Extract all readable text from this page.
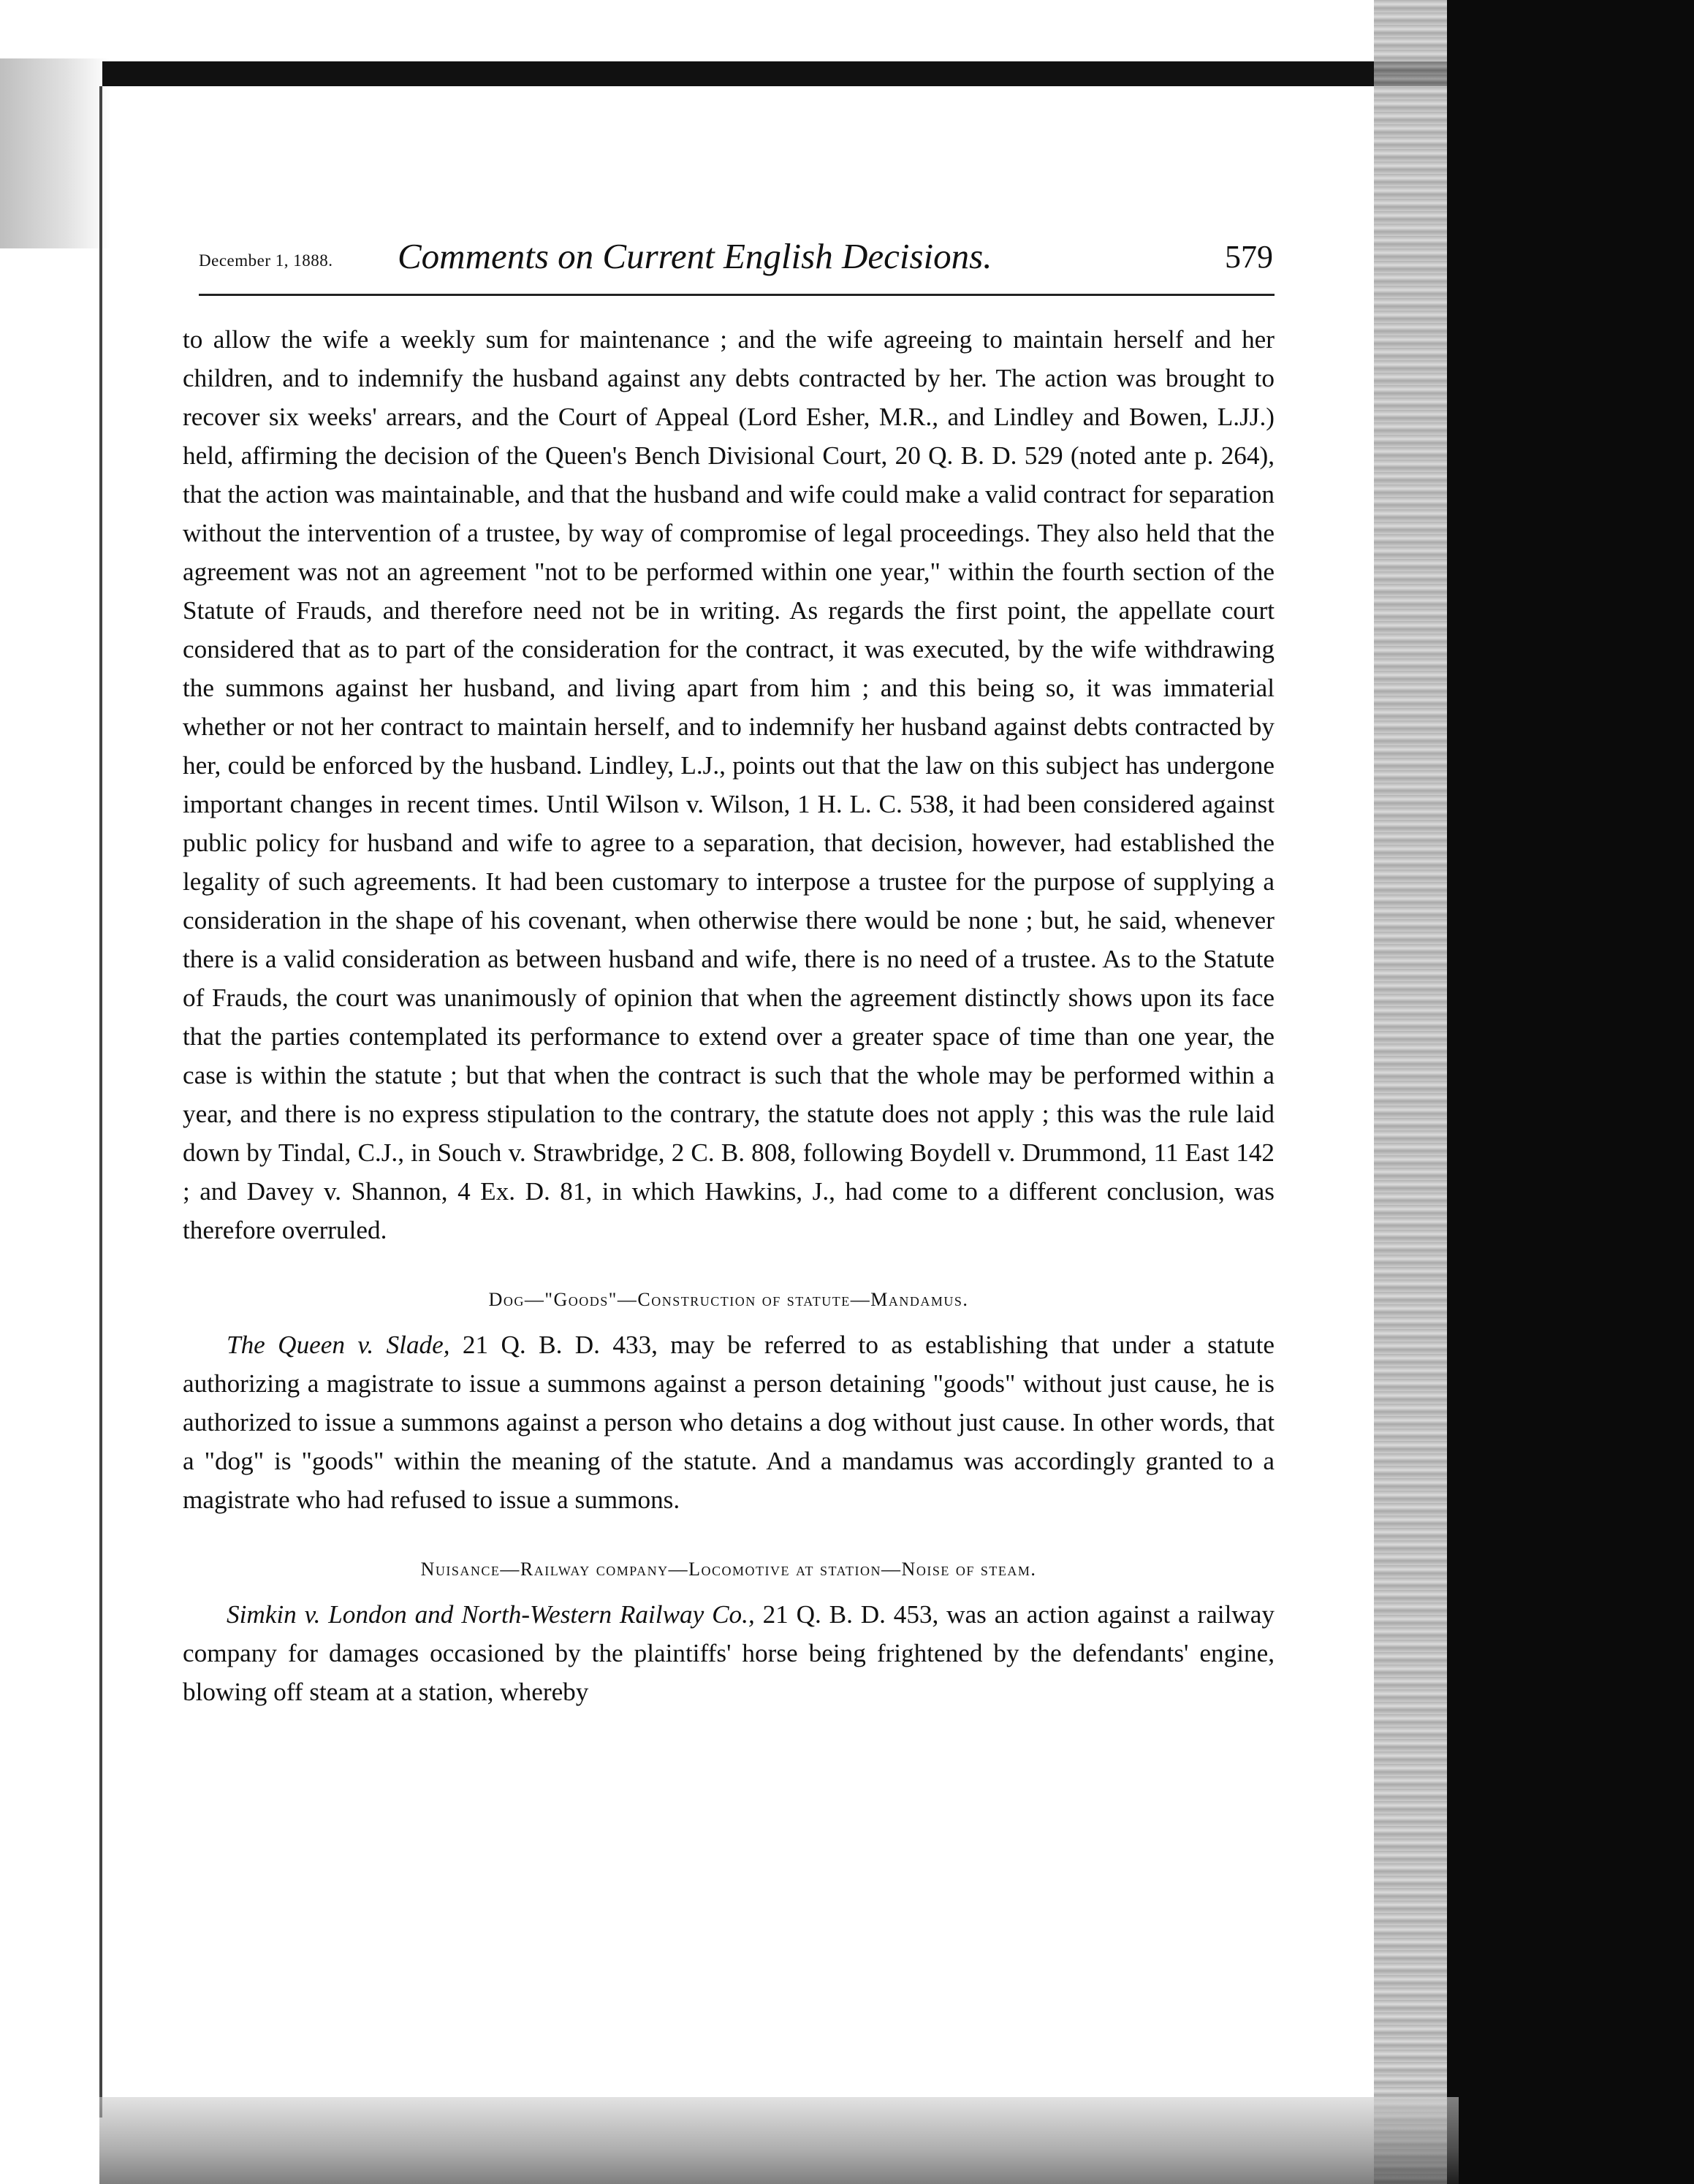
December 1, 1888. Comments on Current English Decisions.	579

to allow the wife a weekly sum for maintenance ; and the wife agreeing to maintain herself and her children, and to indemnify the husband against any debts contracted by her. The action was brought to recover six weeks' arrears, and the Court of Appeal (Lord Esher, M.R., and Lindley and Bowen, L.JJ.) held, affirming the decision of the Queen's Bench Divisional Court, 20 Q. B. D. 529 (noted ante p. 264), that the action was maintainable, and that the husband and wife could make a valid contract for separation without the intervention of a trustee, by way of compromise of legal proceedings. They also held that the agreement was not an agreement "not to be performed within one year," within the fourth section of the Statute of Frauds, and therefore need not be in writing. As regards the first point, the appellate court considered that as to part of the consideration for the contract, it was executed, by the wife withdrawing the summons against her husband, and living apart from him ; and this being so, it was immaterial whether or not her contract to maintain herself, and to indemnify her husband against debts contracted by her, could be enforced by the husband. Lindley, L.J., points out that the law on this subject has undergone important changes in recent times. Until Wilson v. Wilson, 1 H. L. C. 538, it had been considered against public policy for husband and wife to agree to a separation, that decision, however, had established the legality of such agreements. It had been customary to interpose a trustee for the purpose of supplying a consideration in the shape of his covenant, when otherwise there would be none ; but, he said, whenever there is a valid consideration as between husband and wife, there is no need of a trustee. As to the Statute of Frauds, the court was unanimously of opinion that when the agreement distinctly shows upon its face that the parties contemplated its performance to extend over a greater space of time than one year, the case is within the statute ; but that when the contract is such that the whole may be performed within a year, and there is no express stipulation to the contrary, the statute does not apply ; this was the rule laid down by Tindal, C.J., in Souch v. Strawbridge, 2 C. B. 808, following Boydell v. Drummond, 11 East 142 ; and Davey v. Shannon, 4 Ex. D. 81, in which Hawkins, J., had come to a different conclusion, was therefore overruled.

Dog—"Goods"—Construction of statute—Mandamus.

The Queen v. Slade, 21 Q. B. D. 433, may be referred to as establishing that under a statute authorizing a magistrate to issue a summons against a person detaining "goods" without just cause, he is authorized to issue a summons against a person who detains a dog without just cause. In other words, that a "dog" is "goods" within the meaning of the statute. And a mandamus was accordingly granted to a magistrate who had refused to issue a summons.

Nuisance—Railway company—Locomotive at station—Noise of steam.

Simkin v. London and North-Western Railway Co., 21 Q. B. D. 453, was an action against a railway company for damages occasioned by the plaintiffs' horse being frightened by the defendants' engine, blowing off steam at a station, whereby
